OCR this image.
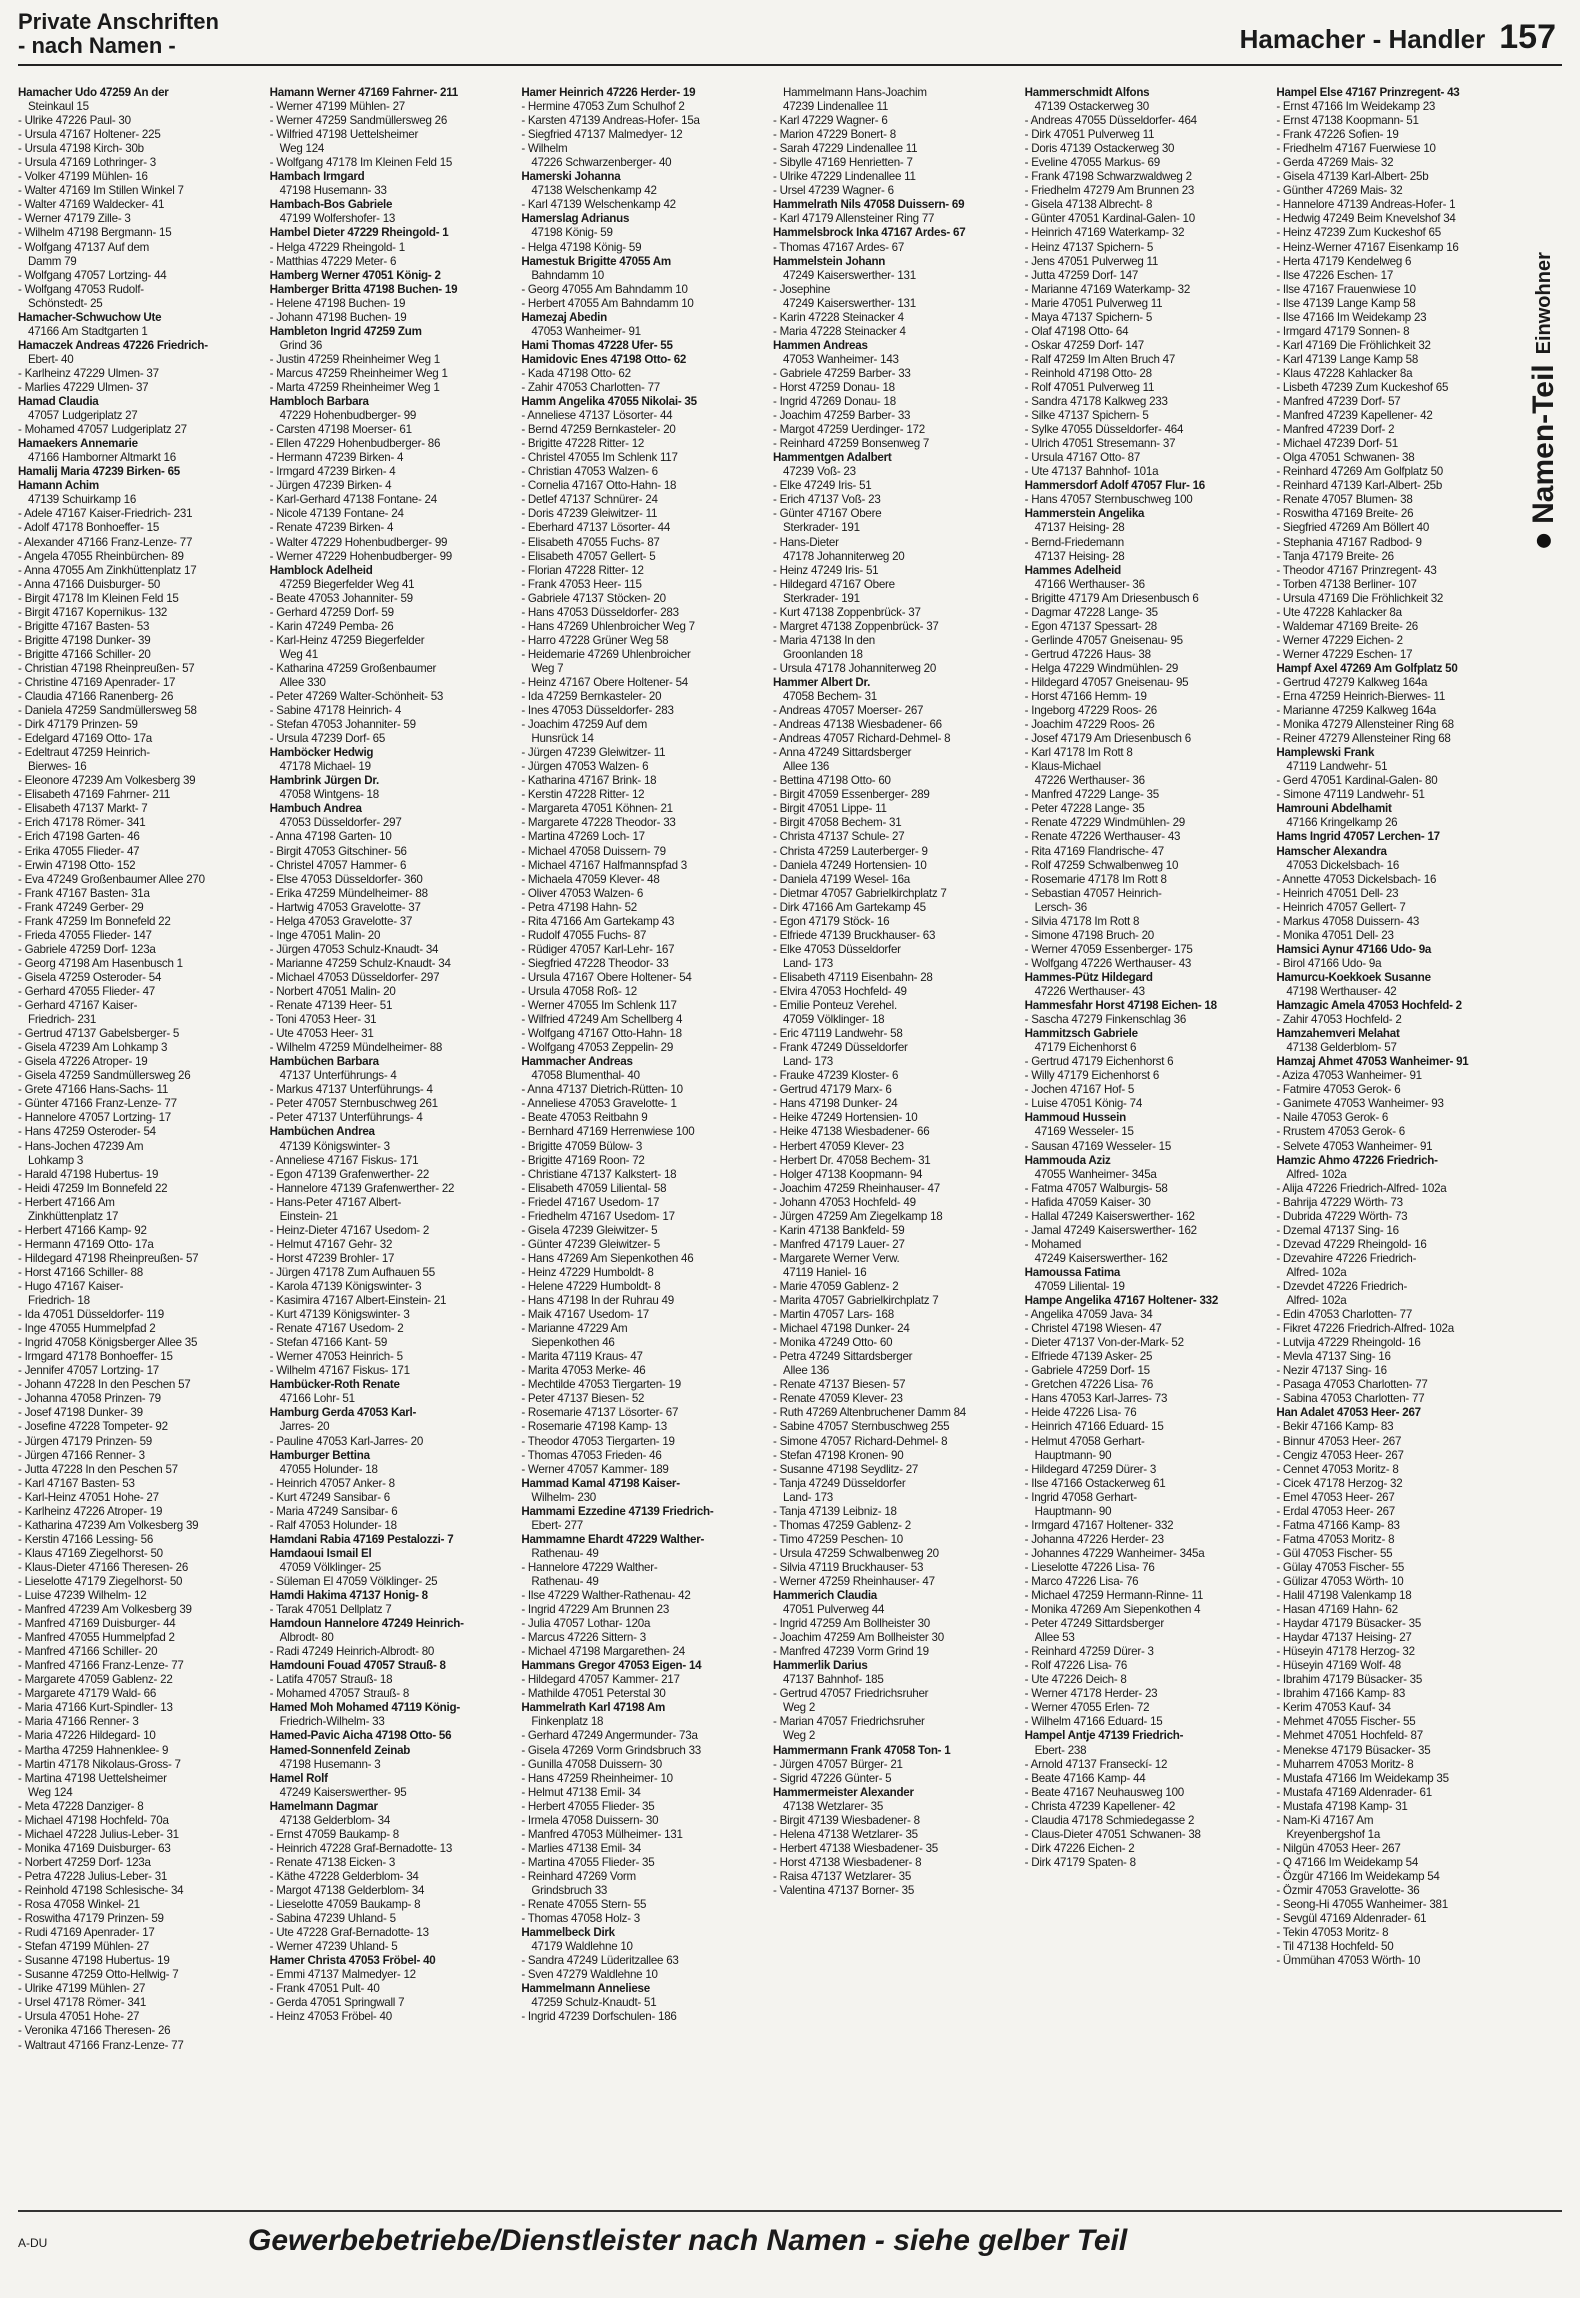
Private Anschriften
- nach Namen -	Hamacher - Handler 157
Hamacher Udo 47259 An der
Steinkaul 15
- Ulrike 47226 Paul- 30
- Ursula 47167 Holtener- 225
- Ursula 47198 Kirch- 30b
- Ursula 47169 Lothringer- 3
- Volker 47199 Mühlen- 16
- Walter 47169 Im Stillen Winkel 7
- Walter 47169 Waldecker- 41
- Werner 47179 Zille- 3
- Wilhelm 47198 Bergmann- 15
- Wolfgang 47137 Auf dem
Damm 79
- Wolfgang 47057 Lortzing- 44
- Wolfgang 47053 Rudolf-
Schönstedt- 25
Hamacher-Schwuchow Ute
47166 Am Stadtgarten 1
Hamaczek Andreas 47226 Friedrich-
Ebert- 40
- Karlheinz 47229 Ulmen- 37
- Marlies 47229 Ulmen- 37
Hamad Claudia
47057 Ludgeriplatz 27
- Mohamed 47057 Ludgeriplatz 27
Hamaekers Annemarie
47166 Hamborner Altmarkt 16
Hamalij Maria 47239 Birken- 65
Hamann Achim
47139 Schuirkamp 16
- Adele 47167 Kaiser-Friedrich- 231
- Adolf 47178 Bonhoeffer- 15
- Alexander 47166 Franz-Lenze- 77
- Angela 47055 Rheinbürchen- 89
- Anna 47055 Am Zinkhüttenplatz 17
- Anna 47166 Duisburger- 50
- Birgit 47178 Im Kleinen Feld 15
- Birgit 47167 Kopernikus- 132
- Brigitte 47167 Basten- 53
- Brigitte 47198 Dunker- 39
- Brigitte 47166 Schiller- 20
- Christian 47198 Rheinpreußen- 57
- Christine 47169 Apenrader- 17
- Claudia 47166 Ranenberg- 26
- Daniela 47259 Sandmüllersweg 58
- Dirk 47179 Prinzen- 59
- Edelgard 47169 Otto- 17a
- Edeltraut 47259 Heinrich-
Bierwes- 16
- Eleonore 47239 Am Volkesberg 39
- Elisabeth 47169 Fahrner- 211
- Elisabeth 47137 Markt- 7
- Erich 47178 Römer- 341
- Erich 47198 Garten- 46
- Erika 47055 Flieder- 47
- Erwin 47198 Otto- 152
- Eva 47249 Großenbaumer Allee 270
- Frank 47167 Basten- 31a
- Frank 47249 Gerber- 29
- Frank 47259 Im Bonnefeld 22
- Frieda 47055 Flieder- 147
- Gabriele 47259 Dorf- 123a
- Georg 47198 Am Hasenbusch 1
- Gisela 47259 Osteroder- 54
- Gerhard 47055 Flieder- 47
- Gerhard 47167 Kaiser-
Friedrich- 231
- Gertrud 47137 Gabelsberger- 5
- Gisela 47239 Am Lohkamp 3
- Gisela 47226 Atroper- 19
- Gisela 47259 Sandmüllersweg 26
- Grete 47166 Hans-Sachs- 11
- Günter 47166 Franz-Lenze- 77
- Hannelore 47057 Lortzing- 17
- Hans 47259 Osteroder- 54
- Hans-Jochen 47239 Am
Lohkamp 3
- Harald 47198 Hubertus- 19
- Heidi 47259 Im Bonnefeld 22
- Herbert 47166 Am
Zinkhüttenplatz 17
- Herbert 47166 Kamp- 92
- Hermann 47169 Otto- 17a
- Hildegard 47198 Rheinpreußen- 57
- Horst 47166 Schiller- 88
- Hugo 47167 Kaiser-
Friedrich- 18
- Ida 47051 Düsseldorfer- 119
- Inge 47055 Hummelpfad 2
- Ingrid 47058 Königsberger Allee 35
- Irmgard 47178 Bonhoeffer- 15
- Jennifer 47057 Lortzing- 17
- Johann 47228 In den Peschen 57
- Johanna 47058 Prinzen- 79
- Josef 47198 Dunker- 39
- Josefine 47228 Tompeter- 92
- Jürgen 47179 Prinzen- 59
- Jürgen 47166 Renner- 3
- Jutta 47228 In den Peschen 57
- Karl 47167 Basten- 53
- Karl-Heinz 47051 Hohe- 27
- Karlheinz 47226 Atroper- 19
- Katharina 47239 Am Volkesberg 39
- Kerstin 47166 Lessing- 56
- Klaus 47169 Ziegelhorst- 50
- Klaus-Dieter 47166 Theresen- 26
- Lieselotte 47179 Ziegelhorst- 50
- Luise 47239 Wilhelm- 12
- Manfred 47239 Am Volkesberg 39
- Manfred 47169 Duisburger- 44
- Manfred 47055 Hummelpfad 2
- Manfred 47166 Schiller- 20
- Manfred 47166 Franz-Lenze- 77
- Margarete 47059 Gablenz- 22
- Margarete 47179 Wald- 66
- Maria 47166 Kurt-Spindler- 13
- Maria 47166 Renner- 3
- Maria 47226 Hildegard- 10
- Martha 47259 Hahnenklee- 9
- Martin 47178 Nikolaus-Gross- 7
- Martina 47198 Uettelsheimer
Weg 124
- Meta 47228 Danziger- 8
- Michael 47198 Hochfeld- 70a
- Michael 47228 Julius-Leber- 31
- Monika 47169 Duisburger- 63
- Norbert 47259 Dorf- 123a
- Petra 47228 Julius-Leber- 31
- Reinhold 47198 Schlesische- 34
- Rosa 47058 Winkel- 21
- Roswitha 47179 Prinzen- 59
- Rudi 47169 Apenrader- 17
- Stefan 47199 Mühlen- 27
- Susanne 47198 Hubertus- 19
- Susanne 47259 Otto-Hellwig- 7
- Ulrike 47199 Mühlen- 27
- Ursel 47178 Römer- 341
- Ursula 47051 Hohe- 27
- Veronika 47166 Theresen- 26
- Waltraut 47166 Franz-Lenze- 77
Hamann Werner 47169 Fahrner- 211
- Werner 47199 Mühlen- 27
- Werner 47259 Sandmüllersweg 26
- Wilfried 47198 Uettelsheimer
Weg 124
- Wolfgang 47178 Im Kleinen Feld 15
Hambach Irmgard
47198 Husemann- 33
Hambach-Bos Gabriele
47199 Wolfershofer- 13
Hambel Dieter 47229 Rheingold- 1
- Helga 47229 Rheingold- 1
- Matthias 47229 Meter- 6
Hamberg Werner 47051 König- 2
Hamberger Britta 47198 Buchen- 19
- Helene 47198 Buchen- 19
- Johann 47198 Buchen- 19
Hambleton Ingrid 47259 Zum
Grind 36
- Justin 47259 Rheinheimer Weg 1
- Marcus 47259 Rheinheimer Weg 1
- Marta 47259 Rheinheimer Weg 1
Hambloch Barbara
47229 Hohenbudberger- 99
- Carsten 47198 Moerser- 61
- Ellen 47229 Hohenbudberger- 86
- Hermann 47239 Birken- 4
- Irmgard 47239 Birken- 4
- Jürgen 47239 Birken- 4
- Karl-Gerhard 47138 Fontane- 24
- Nicole 47139 Fontane- 24
- Renate 47239 Birken- 4
- Walter 47229 Hohenbudberger- 99
- Werner 47229 Hohenbudberger- 99
Hamblock Adelheid
47259 Biegerfelder Weg 41
- Beate 47053 Johanniter- 59
- Gerhard 47259 Dorf- 59
- Karin 47249 Pemba- 26
- Karl-Heinz 47259 Biegerfelder
Weg 41
- Katharina 47259 Großenbaumer
Allee 330
- Peter 47269 Walter-Schönheit- 53
- Sabine 47178 Heinrich- 4
- Stefan 47053 Johanniter- 59
- Ursula 47239 Dorf- 65
Hamböcker Hedwig
47178 Michael- 19
Hambrink Jürgen Dr.
47058 Wintgens- 18
Hambuch Andrea
47053 Düsseldorfer- 297
- Anna 47198 Garten- 10
- Birgit 47053 Gitschiner- 56
- Christel 47057 Hammer- 6
- Else 47053 Düsseldorfer- 360
- Erika 47259 Mündelheimer- 88
- Hartwig 47053 Gravelotte- 37
- Helga 47053 Gravelotte- 37
- Inge 47051 Malin- 20
- Jürgen 47053 Schulz-Knaudt- 34
- Marianne 47259 Schulz-Knaudt- 34
- Michael 47053 Düsseldorfer- 297
- Norbert 47051 Malin- 20
- Renate 47139 Heer- 51
- Toni 47053 Heer- 31
- Ute 47053 Heer- 31
- Wilhelm 47259 Mündelheimer- 88
Hambüchen Barbara
47137 Unterführungs- 4
- Markus 47137 Unterführungs- 4
- Peter 47057 Sternbuschweg 261
- Peter 47137 Unterführungs- 4
Hambüchen Andrea
47139 Königswinter- 3
- Anneliese 47167 Fiskus- 171
- Egon 47139 Grafenwerther- 22
- Hannelore 47139 Grafenwerther- 22
- Hans-Peter 47167 Albert-
Einstein- 21
- Heinz-Dieter 47167 Usedom- 2
- Helmut 47167 Gehr- 32
- Horst 47239 Brohler- 17
- Jürgen 47178 Zum Aufhauen 55
- Karola 47139 Königswinter- 3
- Kasimira 47167 Albert-Einstein- 21
- Kurt 47139 Königswinter- 3
- Renate 47167 Usedom- 2
- Stefan 47166 Kant- 59
- Werner 47053 Heinrich- 5
- Wilhelm 47167 Fiskus- 171
Hambücker-Roth Renate
47166 Lohr- 51
Hamburg Gerda 47053 Karl-
Jarres- 20
- Pauline 47053 Karl-Jarres- 20
Hamburger Bettina
47055 Holunder- 18
- Heinrich 47057 Anker- 8
- Kurt 47249 Sansibar- 6
- Maria 47249 Sansibar- 6
- Ralf 47053 Holunder- 18
Hamdani Rabia 47169 Pestalozzi- 7
Hamdaoui Ismail El
47059 Völklinger- 25
- Süleman El 47059 Völklinger- 25
Hamdi Hakima 47137 Honig- 8
- Tarak 47051 Dellplatz 7
Hamdoun Hannelore 47249 Heinrich-
Albrodt- 80
- Radi 47249 Heinrich-Albrodt- 80
Hamdouni Fouad 47057 Strauß- 8
- Latifa 47057 Strauß- 18
- Mohamed 47057 Strauß- 8
Hamed Moh Mohamed 47119 König-
Friedrich-Wilhelm- 33
Hamed-Pavic Aicha 47198 Otto- 56
Hamed-Sonnenfeld Zeinab
47198 Husemann- 3
Hamel Rolf
47249 Kaiserswerther- 95
Hamelmann Dagmar
47138 Gelderblom- 34
- Ernst 47059 Baukamp- 8
- Heinrich 47228 Graf-Bernadotte- 13
- Renate 47138 Eicken- 3
- Käthe 47228 Gelderblom- 34
- Margot 47138 Gelderblom- 34
- Lieselotte 47059 Baukamp- 8
- Sabina 47239 Uhland- 5
- Ute 47228 Graf-Bernadotte- 13
- Werner 47239 Uhland- 5
Hamer Christa 47053 Fröbel- 40
- Emmi 47137 Malmedyer- 12
- Frank 47051 Pult- 40
- Gerda 47051 Springwall 7
- Heinz 47053 Fröbel- 40
Hamer Heinrich 47226 Herder- 19
- Hermine 47053 Zum Schulhof 2
- Karsten 47139 Andreas-Hofer- 15a
- Siegfried 47137 Malmedyer- 12
- Wilhelm
47226 Schwarzenberger- 40
Hamerski Johanna
47138 Welschenkamp 42
- Karl 47139 Welschenkamp 42
Hamerslag Adrianus
47198 König- 59
- Helga 47198 König- 59
Hamestuk Brigitte 47055 Am
Bahndamm 10
- Georg 47055 Am Bahndamm 10
- Herbert 47055 Am Bahndamm 10
Hamezaj Abedin
47053 Wanheimer- 91
Hami Thomas 47228 Ufer- 55
Hamidovic Enes 47198 Otto- 62
- Kada 47198 Otto- 62
- Zahir 47053 Charlotten- 77
Hamm Angelika 47055 Nikolai- 35
- Anneliese 47137 Lösorter- 44
- Bernd 47259 Bernkasteler- 20
- Brigitte 47228 Ritter- 12
- Christel 47055 Im Schlenk 117
- Christian 47053 Walzen- 6
- Cornelia 47167 Otto-Hahn- 18
- Detlef 47137 Schnürer- 24
- Doris 47239 Gleiwitzer- 11
- Eberhard 47137 Lösorter- 44
- Elisabeth 47055 Fuchs- 87
- Elisabeth 47057 Gellert- 5
- Florian 47228 Ritter- 12
- Frank 47053 Heer- 115
- Gabriele 47137 Stöcken- 20
- Hans 47053 Düsseldorfer- 283
- Hans 47269 Uhlenbroicher Weg 7
- Harro 47228 Grüner Weg 58
- Heidemarie 47269 Uhlenbroicher
Weg 7
- Heinz 47167 Obere Holtener- 54
- Ida 47259 Bernkasteler- 20
- Ines 47053 Düsseldorfer- 283
- Joachim 47259 Auf dem
Hunsrück 14
- Jürgen 47239 Gleiwitzer- 11
- Jürgen 47053 Walzen- 6
- Katharina 47167 Brink- 18
- Kerstin 47228 Ritter- 12
- Margareta 47051 Köhnen- 21
- Margarete 47228 Theodor- 33
- Martina 47269 Loch- 17
- Michael 47058 Duissern- 79
- Michael 47167 Halfmannspfad 3
- Michaela 47059 Klever- 48
- Oliver 47053 Walzen- 6
- Petra 47198 Hahn- 52
- Rita 47166 Am Gartekamp 43
- Rudolf 47055 Fuchs- 87
- Rüdiger 47057 Karl-Lehr- 167
- Siegfried 47228 Theodor- 33
- Ursula 47167 Obere Holtener- 54
- Ursula 47058 Roß- 12
- Werner 47055 Im Schlenk 117
- Wilfried 47249 Am Schellberg 4
- Wolfgang 47167 Otto-Hahn- 18
- Wolfgang 47053 Zeppelin- 29
Hammacher Andreas
47058 Blumenthal- 40
- Anna 47137 Dietrich-Rütten- 10
- Anneliese 47053 Gravelotte- 1
- Beate 47053 Reitbahn 9
- Bernhard 47169 Herrenwiese 100
- Brigitte 47059 Bülow- 3
- Brigitte 47169 Roon- 72
- Christiane 47137 Kalkstert- 18
- Elisabeth 47059 Liliental- 58
- Friedel 47167 Usedom- 17
- Friedhelm 47167 Usedom- 17
- Gisela 47239 Gleiwitzer- 5
- Günter 47239 Gleiwitzer- 5
- Hans 47269 Am Siepenkothen 46
- Heinz 47229 Humboldt- 8
- Helene 47229 Humboldt- 8
- Hans 47198 In der Ruhrau 49
- Maik 47167 Usedom- 17
- Marianne 47229 Am
Siepenkothen 46
- Marita 47119 Kraus- 47
- Marita 47053 Merke- 46
- Mechtilde 47053 Tiergarten- 19
- Peter 47137 Biesen- 52
- Rosemarie 47137 Lösorter- 67
- Rosemarie 47198 Kamp- 13
- Theodor 47053 Tiergarten- 19
- Thomas 47053 Frieden- 46
- Werner 47057 Kammer- 189
Hammad Kamal 47198 Kaiser-
Wilhelm- 230
Hammami Ezzedine 47139 Friedrich-
Ebert- 277
Hammamne Ehardt 47229 Walther-
Rathenau- 49
- Hannelore 47229 Walther-
Rathenau- 49
- Ilse 47229 Walther-Rathenau- 42
- Ingrid 47229 Am Brunnen 23
- Julia 47057 Lothar- 120a
- Marcus 47226 Sittern- 3
- Michael 47198 Margarethen- 24
Hammans Gregor 47053 Eigen- 14
- Hildegard 47057 Kammer- 217
- Mathilde 47051 Peterstal 30
Hammelrath Karl 47198 Am
Finkenplatz 18
- Gerhard 47249 Angermunder- 73a
- Gisela 47269 Vorm Grindsbruch 33
- Gunilla 47058 Duissern- 30
- Hans 47259 Rheinheimer- 10
- Helmut 47138 Emil- 34
- Herbert 47055 Flieder- 35
- Irmela 47058 Duissern- 30
- Manfred 47053 Mülheimer- 131
- Marlies 47138 Emil- 34
- Martina 47055 Flieder- 35
- Reinhard 47269 Vorm
Grindsbruch 33
- Renate 47055 Stern- 55
- Thomas 47058 Holz- 3
Hammelbeck Dirk
47179 Waldlehne 10
- Sandra 47249 Lüderitzallee 63
- Sven 47279 Waldlehne 10
Hammelmann Anneliese
47259 Schulz-Knaudt- 51
- Ingrid 47239 Dorfschulen- 186
Hammelmann Hans-Joachim
47239 Lindenallee 11
- Karl 47229 Wagner- 6
- Marion 47229 Bonert- 8
- Sarah 47229 Lindenallee 11
- Sibylle 47169 Henrietten- 7
- Ulrike 47229 Lindenallee 11
- Ursel 47239 Wagner- 6
Hammelrath Nils 47058 Duissern- 69
- Karl 47179 Allensteiner Ring 77
Hammelsbrock Inka 47167 Ardes- 67
- Thomas 47167 Ardes- 67
Hammelstein Johann
47249 Kaiserswerther- 131
- Josephine
47249 Kaiserswerther- 131
- Karin 47228 Steinacker 4
- Maria 47228 Steinacker 4
Hammen Andreas
47053 Wanheimer- 143
- Gabriele 47259 Barber- 33
- Horst 47259 Donau- 18
- Ingrid 47269 Donau- 18
- Joachim 47259 Barber- 33
- Margot 47259 Uerdinger- 172
- Reinhard 47259 Bonsenweg 7
Hammentgen Adalbert
47239 Voß- 23
- Elke 47249 Iris- 51
- Erich 47137 Voß- 23
- Günter 47167 Obere
Sterkrader- 191
- Hans-Dieter
47178 Johanniterweg 20
- Heinz 47249 Iris- 51
- Hildegard 47167 Obere
Sterkrader- 191
- Kurt 47138 Zoppenbrück- 37
- Margret 47138 Zoppenbrück- 37
- Maria 47138 In den
Groonlanden 18
- Ursula 47178 Johanniterweg 20
Hammer Albert Dr.
47058 Bechem- 31
- Andreas 47057 Moerser- 267
- Andreas 47138 Wiesbadener- 66
- Andreas 47057 Richard-Dehmel- 8
- Anna 47249 Sittardsberger
Allee 136
- Bettina 47198 Otto- 60
- Birgit 47059 Essenberger- 289
- Birgit 47051 Lippe- 11
- Birgit 47058 Bechem- 31
- Christa 47137 Schule- 27
- Christa 47259 Lauterberger- 9
- Daniela 47249 Hortensien- 10
- Daniela 47199 Wesel- 16a
- Dietmar 47057 Gabrielkirchplatz 7
- Dirk 47166 Am Gartekamp 45
- Egon 47179 Stöck- 16
- Elfriede 47139 Bruckhauser- 63
- Elke 47053 Düsseldorfer
Land- 173
- Elisabeth 47119 Eisenbahn- 28
- Elvira 47053 Hochfeld- 49
- Emilie Ponteuz Verehel.
47059 Völklinger- 18
- Eric 47119 Landwehr- 58
- Frank 47249 Düsseldorfer
Land- 173
- Frauke 47239 Kloster- 6
- Gertrud 47179 Marx- 6
- Hans 47198 Dunker- 24
- Heike 47249 Hortensien- 10
- Heike 47138 Wiesbadener- 66
- Herbert 47059 Klever- 23
- Herbert Dr. 47058 Bechem- 31
- Holger 47138 Koopmann- 94
- Joachim 47259 Rheinhauser- 47
- Johann 47053 Hochfeld- 49
- Jürgen 47259 Am Ziegelkamp 18
- Karin 47138 Bankfeld- 59
- Manfred 47179 Lauer- 27
- Margarete Werner Verw.
47119 Haniel- 16
- Marie 47059 Gablenz- 2
- Marita 47057 Gabrielkirchplatz 7
- Martin 47057 Lars- 168
- Michael 47198 Dunker- 24
- Monika 47249 Otto- 60
- Petra 47249 Sittardsberger
Allee 136
- Renate 47137 Biesen- 57
- Renate 47059 Klever- 23
- Ruth 47269 Altenbruchener Damm 84
- Sabine 47057 Sternbuschweg 255
- Simone 47057 Richard-Dehmel- 8
- Stefan 47198 Kronen- 90
- Susanne 47198 Seydlitz- 27
- Tanja 47249 Düsseldorfer
Land- 173
- Tanja 47139 Leibniz- 18
- Thomas 47259 Gablenz- 2
- Timo 47259 Peschen- 10
- Ursula 47259 Schwalbenweg 20
- Silvia 47119 Bruckhauser- 53
- Werner 47259 Rheinhauser- 47
Hammerich Claudia
47051 Pulverweg 44
- Ingrid 47259 Am Bollheister 30
- Joachim 47259 Am Bollheister 30
- Manfred 47239 Vorm Grind 19
Hammerlik Darius
47137 Bahnhof- 185
- Gertrud 47057 Friedrichsruher
Weg 2
- Marian 47057 Friedrichsruher
Weg 2
Hammermann Frank 47058 Ton- 1
- Jürgen 47057 Bürger- 21
- Sigrid 47226 Günter- 5
Hammermeister Alexander
47138 Wetzlarer- 35
- Birgit 47139 Wiesbadener- 8
- Helena 47138 Wetzlarer- 35
- Herbert 47138 Wiesbadener- 35
- Horst 47138 Wiesbadener- 8
- Raisa 47137 Wetzlarer- 35
- Valentina 47137 Borner- 35
Hammerschmidt Alfons
47139 Ostackerweg 30
- Andreas 47055 Düsseldorfer- 464
- Dirk 47051 Pulverweg 11
- Doris 47139 Ostackerweg 30
- Eveline 47055 Markus- 69
- Frank 47198 Schwarzwaldweg 2
- Friedhelm 47279 Am Brunnen 23
- Gisela 47138 Albrecht- 8
- Günter 47051 Kardinal-Galen- 10
- Heinrich 47169 Waterkamp- 32
- Heinz 47137 Spichern- 5
- Jens 47051 Pulverweg 11
- Jutta 47259 Dorf- 147
- Marianne 47169 Waterkamp- 32
- Marie 47051 Pulverweg 11
- Maya 47137 Spichern- 5
- Olaf 47198 Otto- 64
- Oskar 47259 Dorf- 147
- Ralf 47259 Im Alten Bruch 47
- Reinhold 47198 Otto- 28
- Rolf 47051 Pulverweg 11
- Sandra 47178 Kalkweg 233
- Silke 47137 Spichern- 5
- Sylke 47055 Düsseldorfer- 464
- Ulrich 47051 Stresemann- 37
- Ursula 47167 Otto- 87
- Ute 47137 Bahnhof- 101a
Hammersdorf Adolf 47057 Flur- 16
- Hans 47057 Sternbuschweg 100
Hammerstein Angelika
47137 Heising- 28
- Bernd-Friedemann
47137 Heising- 28
Hammes Adelheid
47166 Werthauser- 36
- Brigitte 47179 Am Driesenbusch 6
- Dagmar 47228 Lange- 35
- Egon 47137 Spessart- 28
- Gerlinde 47057 Gneisenau- 95
- Gertrud 47226 Haus- 38
- Helga 47229 Windmühlen- 29
- Hildegard 47057 Gneisenau- 95
- Horst 47166 Hemm- 19
- Ingeborg 47229 Roos- 26
- Joachim 47229 Roos- 26
- Josef 47179 Am Driesenbusch 6
- Karl 47178 Im Rott 8
- Klaus-Michael
47226 Werthauser- 36
- Manfred 47229 Lange- 35
- Peter 47228 Lange- 35
- Renate 47229 Windmühlen- 29
- Renate 47226 Werthauser- 43
- Rita 47169 Flandrische- 47
- Rolf 47259 Schwalbenweg 10
- Rosemarie 47178 Im Rott 8
- Sebastian 47057 Heinrich-
Lersch- 36
- Silvia 47178 Im Rott 8
- Simone 47198 Bruch- 20
- Werner 47059 Essenberger- 175
- Wolfgang 47226 Werthauser- 43
Hammes-Pütz Hildegard
47226 Werthauser- 43
Hammesfahr Horst 47198 Eichen- 18
- Sascha 47279 Finkenschlag 36
Hammitzsch Gabriele
47179 Eichenhorst 6
- Gertrud 47179 Eichenhorst 6
- Willy 47179 Eichenhorst 6
- Jochen 47167 Hof- 5
- Luise 47051 König- 74
Hammoud Hussein
47169 Wesseler- 15
- Sausan 47169 Wesseler- 15
Hammouda Aziz
47055 Wanheimer- 345a
- Fatma 47057 Walburgis- 58
- Hafida 47059 Kaiser- 30
- Hallal 47249 Kaiserswerther- 162
- Jamal 47249 Kaiserswerther- 162
- Mohamed
47249 Kaiserswerther- 162
Hamoussa Fatima
47059 Liliental- 19
Hampe Angelika 47167 Holtener- 332
- Angelika 47059 Java- 34
- Christel 47198 Wiesen- 47
- Dieter 47137 Von-der-Mark- 52
- Elfriede 47139 Asker- 25
- Gabriele 47259 Dorf- 15
- Gretchen 47226 Lisa- 76
- Hans 47053 Karl-Jarres- 73
- Heide 47226 Lisa- 76
- Heinrich 47166 Eduard- 15
- Helmut 47058 Gerhart-
Hauptmann- 90
- Hildegard 47259 Dürer- 3
- Ilse 47166 Ostackerweg 61
- Ingrid 47058 Gerhart-
Hauptmann- 90
- Irmgard 47167 Holtener- 332
- Johanna 47226 Herder- 23
- Johannes 47229 Wanheimer- 345a
- Lieselotte 47226 Lisa- 76
- Marco 47226 Lisa- 76
- Michael 47259 Hermann-Rinne- 11
- Monika 47269 Am Siepenkothen 4
- Peter 47249 Sittardsberger
Allee 53
- Reinhard 47259 Dürer- 3
- Rolf 47226 Lisa- 76
- Ute 47226 Deich- 8
- Werner 47178 Herder- 23
- Werner 47055 Erlen- 72
- Wilhelm 47166 Eduard- 15
Hampel Antje 47139 Friedrich-
Ebert- 238
- Arnold 47137 Franseckí- 12
- Beate 47166 Kamp- 44
- Beate 47167 Neuhausweg 100
- Christa 47239 Kapellener- 42
- Claudia 47178 Schmiedegasse 2
- Claus-Dieter 47051 Schwanen- 38
- Dirk 47226 Eichen- 2
- Dirk 47179 Spaten- 8
Hampel Else 47167 Prinzregent- 43
- Ernst 47166 Im Weidekamp 23
- Ernst 47138 Koopmann- 51
- Frank 47226 Sofien- 19
- Friedhelm 47167 Fuerwiese 10
- Gerda 47269 Mais- 32
- Gisela 47139 Karl-Albert- 25b
- Günther 47269 Mais- 32
- Hannelore 47139 Andreas-Hofer- 1
- Hedwig 47249 Beim Knevelshof 34
- Heinz 47239 Zum Kuckeshof 65
- Heinz-Werner 47167 Eisenkamp 16
- Herta 47179 Kendelweg 6
- Ilse 47226 Eschen- 17
- Ilse 47167 Frauenwiese 10
- Ilse 47139 Lange Kamp 58
- Ilse 47166 Im Weidekamp 23
- Irmgard 47179 Sonnen- 8
- Karl 47169 Die Fröhlichkeit 32
- Karl 47139 Lange Kamp 58
- Klaus 47228 Kahlacker 8a
- Lisbeth 47239 Zum Kuckeshof 65
- Manfred 47239 Dorf- 57
- Manfred 47239 Kapellener- 42
- Manfred 47239 Dorf- 2
- Michael 47239 Dorf- 51
- Olga 47051 Schwanen- 38
- Reinhard 47269 Am Golfplatz 50
- Reinhard 47139 Karl-Albert- 25b
- Renate 47057 Blumen- 38
- Roswitha 47169 Breite- 26
- Siegfried 47269 Am Böllert 40
- Stephania 47167 Radbod- 9
- Tanja 47179 Breite- 26
- Theodor 47167 Prinzregent- 43
- Torben 47138 Berliner- 107
- Ursula 47169 Die Fröhlichkeit 32
- Ute 47228 Kahlacker 8a
- Waldemar 47169 Breite- 26
- Werner 47229 Eichen- 2
- Werner 47229 Eschen- 17
Hampf Axel 47269 Am Golfplatz 50
- Gertrud 47279 Kalkweg 164a
- Erna 47259 Heinrich-Bierwes- 11
- Marianne 47259 Kalkweg 164a
- Monika 47279 Allensteiner Ring 68
- Reiner 47279 Allensteiner Ring 68
Hamplewski Frank
47119 Landwehr- 51
- Gerd 47051 Kardinal-Galen- 80
- Simone 47119 Landwehr- 51
Hamrouni Abdelhamit
47166 Kringelkamp 26
Hams Ingrid 47057 Lerchen- 17
Hamscher Alexandra
47053 Dickelsbach- 16
- Annette 47053 Dickelsbach- 16
- Heinrich 47051 Dell- 23
- Heinrich 47057 Gellert- 7
- Markus 47058 Duissern- 43
- Monika 47051 Dell- 23
Hamsici Aynur 47166 Udo- 9a
- Birol 47166 Udo- 9a
Hamurcu-Koekkoek Susanne
47198 Werthauser- 42
Hamzagic Amela 47053 Hochfeld- 2
- Zahir 47053 Hochfeld- 2
Hamzahemveri Melahat
47138 Gelderblom- 57
Hamzaj Ahmet 47053 Wanheimer- 91
- Aziza 47053 Wanheimer- 91
- Fatmire 47053 Gerok- 6
- Ganimete 47053 Wanheimer- 93
- Naile 47053 Gerok- 6
- Rrustem 47053 Gerok- 6
- Selvete 47053 Wanheimer- 91
Hamzic Ahmo 47226 Friedrich-
Alfred- 102a
- Alija 47226 Friedrich-Alfred- 102a
- Bahrija 47229 Wörth- 73
- Dubrida 47229 Wörth- 73
- Dzemal 47137 Sing- 16
- Dzevad 47229 Rheingold- 16
- Dzevahire 47226 Friedrich-
Alfred- 102a
- Dzevdet 47226 Friedrich-
Alfred- 102a
- Edin 47053 Charlotten- 77
- Fikret 47226 Friedrich-Alfred- 102a
- Lutvija 47229 Rheingold- 16
- Mevla 47137 Sing- 16
- Nezir 47137 Sing- 16
- Pasaga 47053 Charlotten- 77
- Sabina 47053 Charlotten- 77
Han Adalet 47053 Heer- 267
- Bekir 47166 Kamp- 83
- Binnur 47053 Heer- 267
- Cengiz 47053 Heer- 267
- Cennet 47053 Moritz- 8
- Cicek 47178 Herzog- 32
- Emel 47053 Heer- 267
- Erdal 47053 Heer- 267
- Fatma 47166 Kamp- 83
- Fatma 47053 Moritz- 8
- Gül 47053 Fischer- 55
- Gülay 47053 Fischer- 55
- Gülizar 47053 Wörth- 10
- Halil 47198 Valenkamp 18
- Hasan 47169 Hahn- 62
- Haydar 47179 Büsacker- 35
- Haydar 47137 Heising- 27
- Hüseyin 47178 Herzog- 32
- Hüseyin 47169 Wolf- 48
- Ibrahim 47179 Büsacker- 35
- Ibrahim 47166 Kamp- 83
- Kerim 47053 Kauf- 34
- Mehmet 47055 Fischer- 55
- Mehmet 47051 Hochfeld- 87
- Menekse 47179 Büsacker- 35
- Muharrem 47053 Moritz- 8
- Mustafa 47166 Im Weidekamp 35
- Mustafa 47169 Aldenrader- 61
- Mustafa 47198 Kamp- 31
- Nam-Ki 47167 Am
Kreyenbergshof 1a
- Nilgün 47053 Heer- 267
- Q 47166 Im Weidekamp 54
- Özgür 47166 Im Weidekamp 54
- Özmir 47053 Gravelotte- 36
- Seong-Hi 47055 Wanheimer- 381
- Sevgül 47169 Aldenrader- 61
- Tekin 47053 Moritz- 8
- Til 47138 Hochfeld- 50
- Ümmühan 47053 Wörth- 10
Namen-Teil
Einwohner
A-DU	Gewerbebetriebe/Dienstleister nach Namen - siehe gelber Teil
